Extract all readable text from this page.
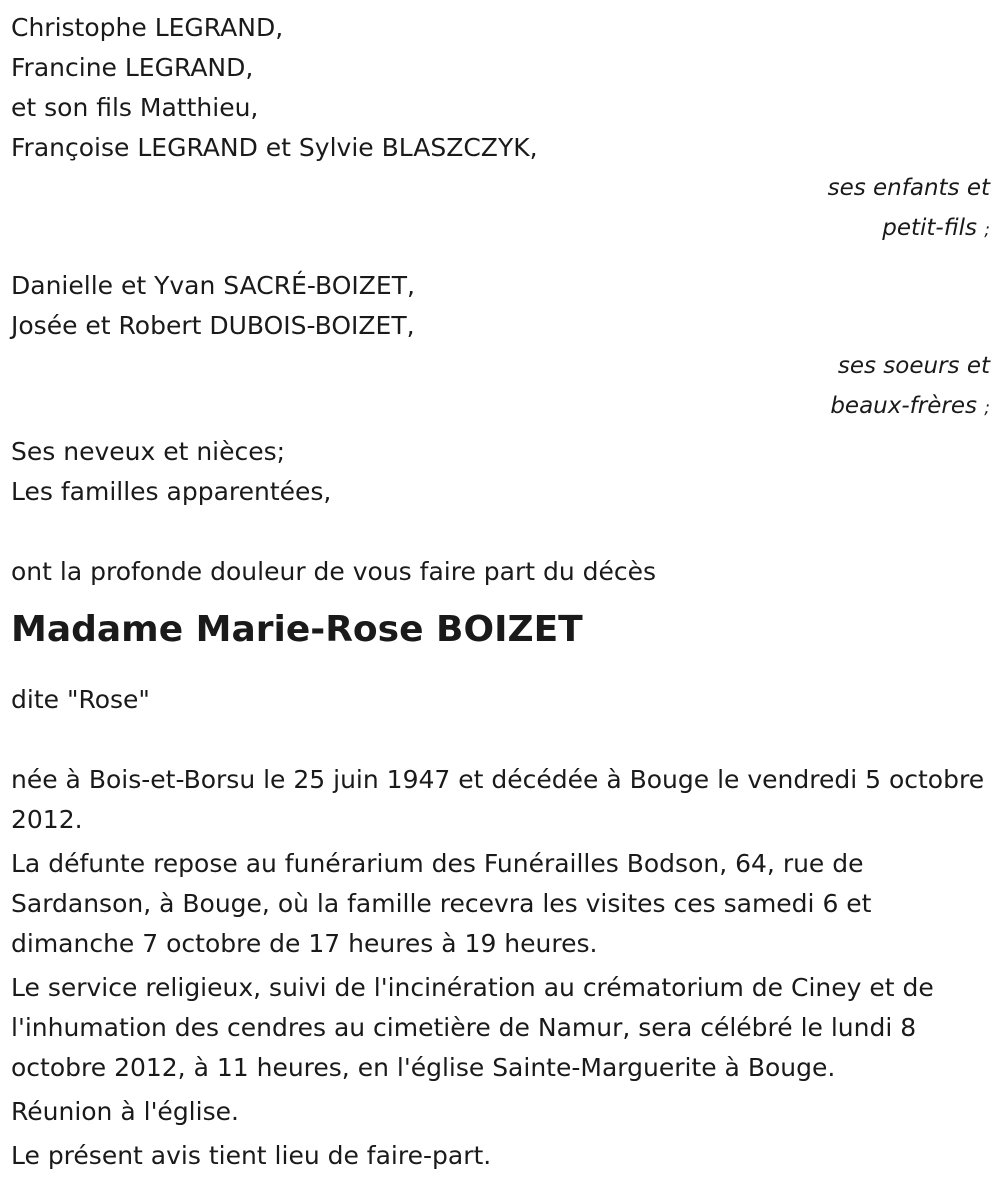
Christophe LEGRAND,
Francine LEGRAND,
et son fils Matthieu,
Françoise LEGRAND et Sylvie BLASZCZYK,
ses enfants et
petit-fils ;
Danielle et Yvan SACRÉ-BOIZET,
Josée et Robert DUBOIS-BOIZET,
ses soeurs et
beaux-frères ;
Ses neveux et nièces;
Les familles apparentées,
ont la profonde douleur de vous faire part du décès
Madame Marie-Rose BOIZET
dite "Rose"

née à Bois-et-Borsu le 25 juin 1947 et décédée à Bouge le vendredi 5 octobre 2012.

La défunte repose au funérarium des Funérailles Bodson, 64, rue de Sardanson, à Bouge, où la famille recevra les visites ces samedi 6 et dimanche 7 octobre de 17 heures à 19 heures.

Le service religieux, suivi de l'incinération au crématorium de Ciney et de l'inhumation des cendres au cimetière de Namur, sera célébré le lundi 8 octobre 2012, à 11 heures, en l'église Sainte-Marguerite à Bouge.

Réunion à l'église.

Le présent avis tient lieu de faire-part.
